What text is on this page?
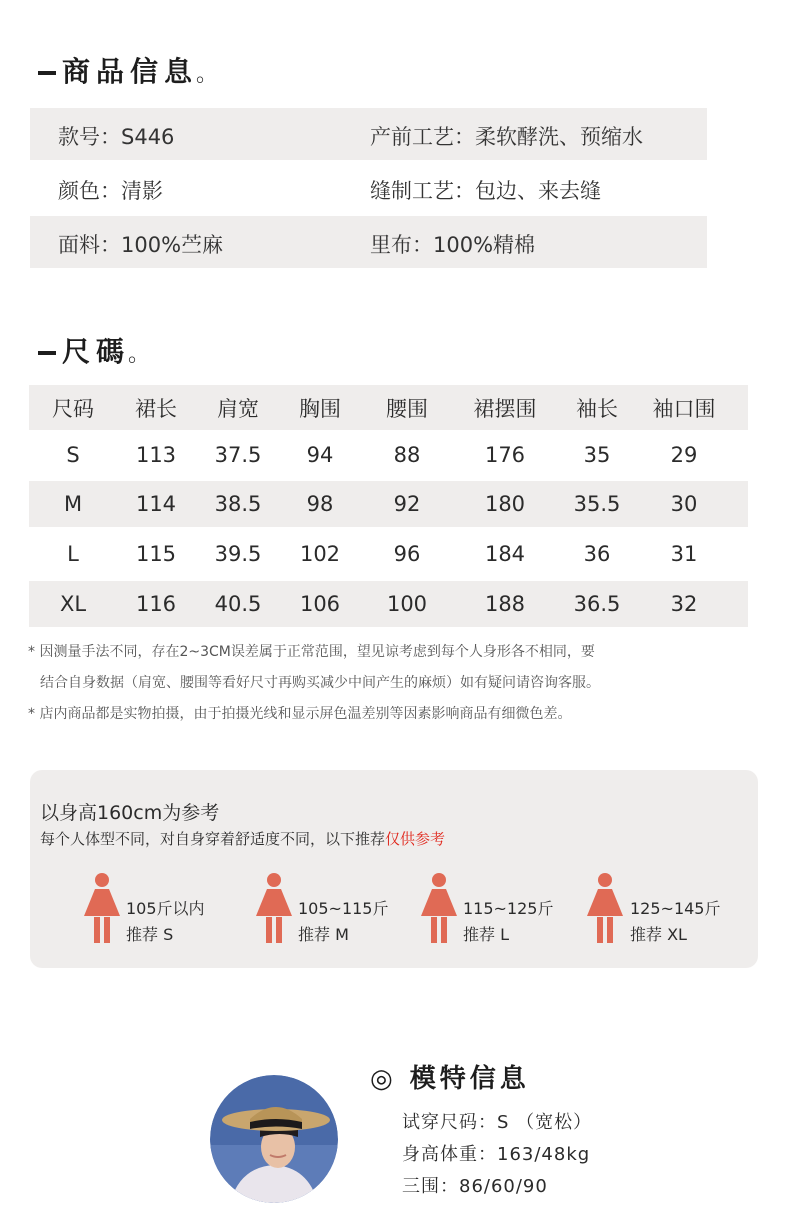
商品信息。
款号：S446	产前工艺：柔软酵洗、预缩水
颜色：清影	缝制工艺：包边、来去缝
面料：100%苎麻	里布：100%精棉
尺碼。
尺码	裙长	肩宽	胸围	腰围	裙摆围	袖长	袖口围
S	113	37.5	94	88	176	35	29
M	114	38.5	98	92	180	35.5	30
L	115	39.5	102	96	184	36	31
XL	116	40.5	106	100	188	36.5	32
* 因测量手法不同，存在2~3CM误差属于正常范围，望见谅考虑到每个人身形各不相同，要
结合自身数据（肩宽、腰围等看好尺寸再购买减少中间产生的麻烦）如有疑问请咨询客服。
* 店内商品都是实物拍摄，由于拍摄光线和显示屏色温差别等因素影响商品有细微色差。
以身高160cm为参考
每个人体型不同，对自身穿着舒适度不同，以下推荐仅供参考
105斤以内
推荐 S
105~115斤
推荐 M
115~125斤
推荐 L
125~145斤
推荐 XL
◎ 模特信息
试穿尺码：S （宽松）
身高体重：163/48kg
三围：86/60/90
